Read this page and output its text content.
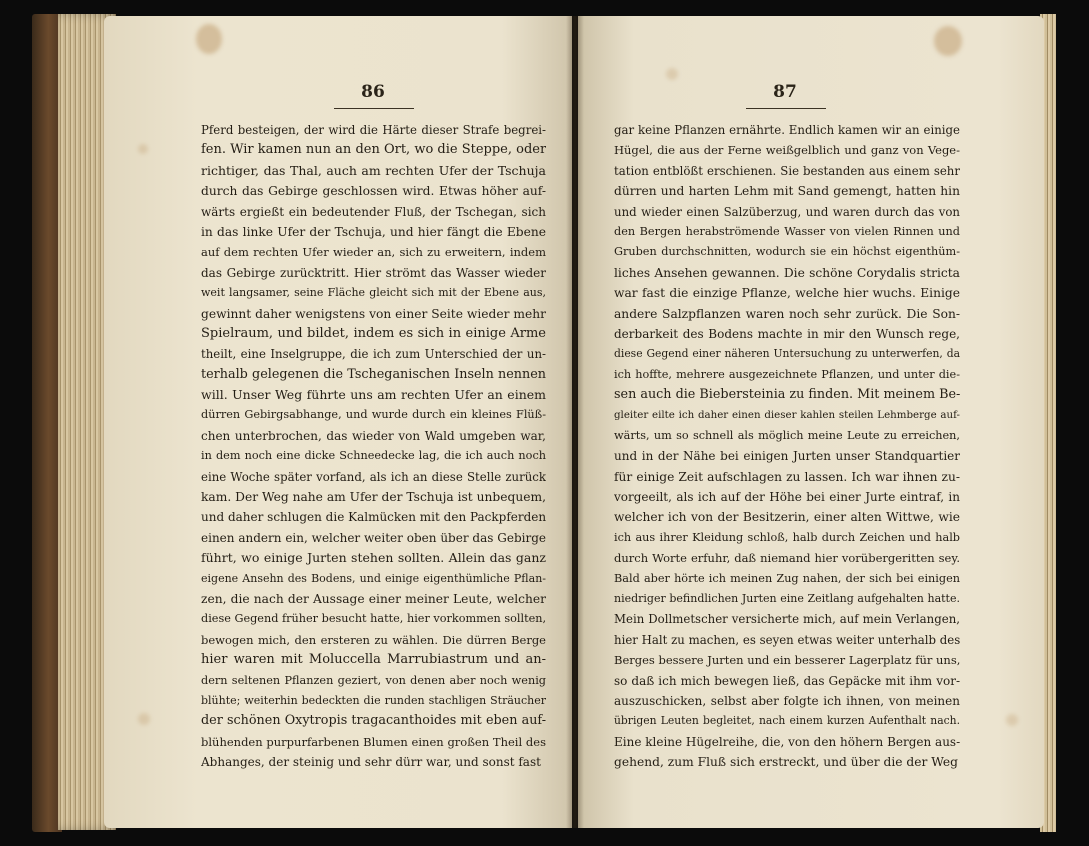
86
Pferd besteigen, der wird die Härte dieser Strafe begrei-
fen. Wir kamen nun an den Ort, wo die Steppe, oder
richtiger, das Thal, auch am rechten Ufer der Tschuja
durch das Gebirge geschlossen wird. Etwas höher auf-
wärts ergießt ein bedeutender Fluß, der Tschegan, sich
in das linke Ufer der Tschuja, und hier fängt die Ebene
auf dem rechten Ufer wieder an, sich zu erweitern, indem
das Gebirge zurücktritt. Hier strömt das Wasser wieder
weit langsamer, seine Fläche gleicht sich mit der Ebene aus,
gewinnt daher wenigstens von einer Seite wieder mehr
Spielraum, und bildet, indem es sich in einige Arme
theilt, eine Inselgruppe, die ich zum Unterschied der un-
terhalb gelegenen die Tscheganischen Inseln nennen
will. Unser Weg führte uns am rechten Ufer an einem
dürren Gebirgsabhange, und wurde durch ein kleines Flüß-
chen unterbrochen, das wieder von Wald umgeben war,
in dem noch eine dicke Schneedecke lag, die ich auch noch
eine Woche später vorfand, als ich an diese Stelle zurück
kam. Der Weg nahe am Ufer der Tschuja ist unbequem,
und daher schlugen die Kalmücken mit den Packpferden
einen andern ein, welcher weiter oben über das Gebirge
führt, wo einige Jurten stehen sollten. Allein das ganz
eigene Ansehn des Bodens, und einige eigenthümliche Pflan-
zen, die nach der Aussage einer meiner Leute, welcher
diese Gegend früher besucht hatte, hier vorkommen sollten,
bewogen mich, den ersteren zu wählen. Die dürren Berge
hier waren mit Moluccella Marrubiastrum und an-
dern seltenen Pflanzen geziert, von denen aber noch wenig
blühte; weiterhin bedeckten die runden stachligen Sträucher
der schönen Oxytropis tragacanthoides mit eben auf-
blühenden purpurfarbenen Blumen einen großen Theil des
Abhanges, der steinig und sehr dürr war, und sonst fast
87
gar keine Pflanzen ernährte. Endlich kamen wir an einige
Hügel, die aus der Ferne weißgelblich und ganz von Vege-
tation entblößt erschienen. Sie bestanden aus einem sehr
dürren und harten Lehm mit Sand gemengt, hatten hin
und wieder einen Salzüberzug, und waren durch das von
den Bergen herabströmende Wasser von vielen Rinnen und
Gruben durchschnitten, wodurch sie ein höchst eigenthüm-
liches Ansehen gewannen. Die schöne Corydalis stricta
war fast die einzige Pflanze, welche hier wuchs. Einige
andere Salzpflanzen waren noch sehr zurück. Die Son-
derbarkeit des Bodens machte in mir den Wunsch rege,
diese Gegend einer näheren Untersuchung zu unterwerfen, da
ich hoffte, mehrere ausgezeichnete Pflanzen, und unter die-
sen auch die Biebersteinia zu finden. Mit meinem Be-
gleiter eilte ich daher einen dieser kahlen steilen Lehmberge auf-
wärts, um so schnell als möglich meine Leute zu erreichen,
und in der Nähe bei einigen Jurten unser Standquartier
für einige Zeit aufschlagen zu lassen. Ich war ihnen zu-
vorgeeilt, als ich auf der Höhe bei einer Jurte eintraf, in
welcher ich von der Besitzerin, einer alten Wittwe, wie
ich aus ihrer Kleidung schloß, halb durch Zeichen und halb
durch Worte erfuhr, daß niemand hier vorübergeritten sey.
Bald aber hörte ich meinen Zug nahen, der sich bei einigen
niedriger befindlichen Jurten eine Zeitlang aufgehalten hatte.
Mein Dollmetscher versicherte mich, auf mein Verlangen,
hier Halt zu machen, es seyen etwas weiter unterhalb des
Berges bessere Jurten und ein besserer Lagerplatz für uns,
so daß ich mich bewegen ließ, das Gepäcke mit ihm vor-
auszuschicken, selbst aber folgte ich ihnen, von meinen
übrigen Leuten begleitet, nach einem kurzen Aufenthalt nach.
Eine kleine Hügelreihe, die, von den höhern Bergen aus-
gehend, zum Fluß sich erstreckt, und über die der Weg
